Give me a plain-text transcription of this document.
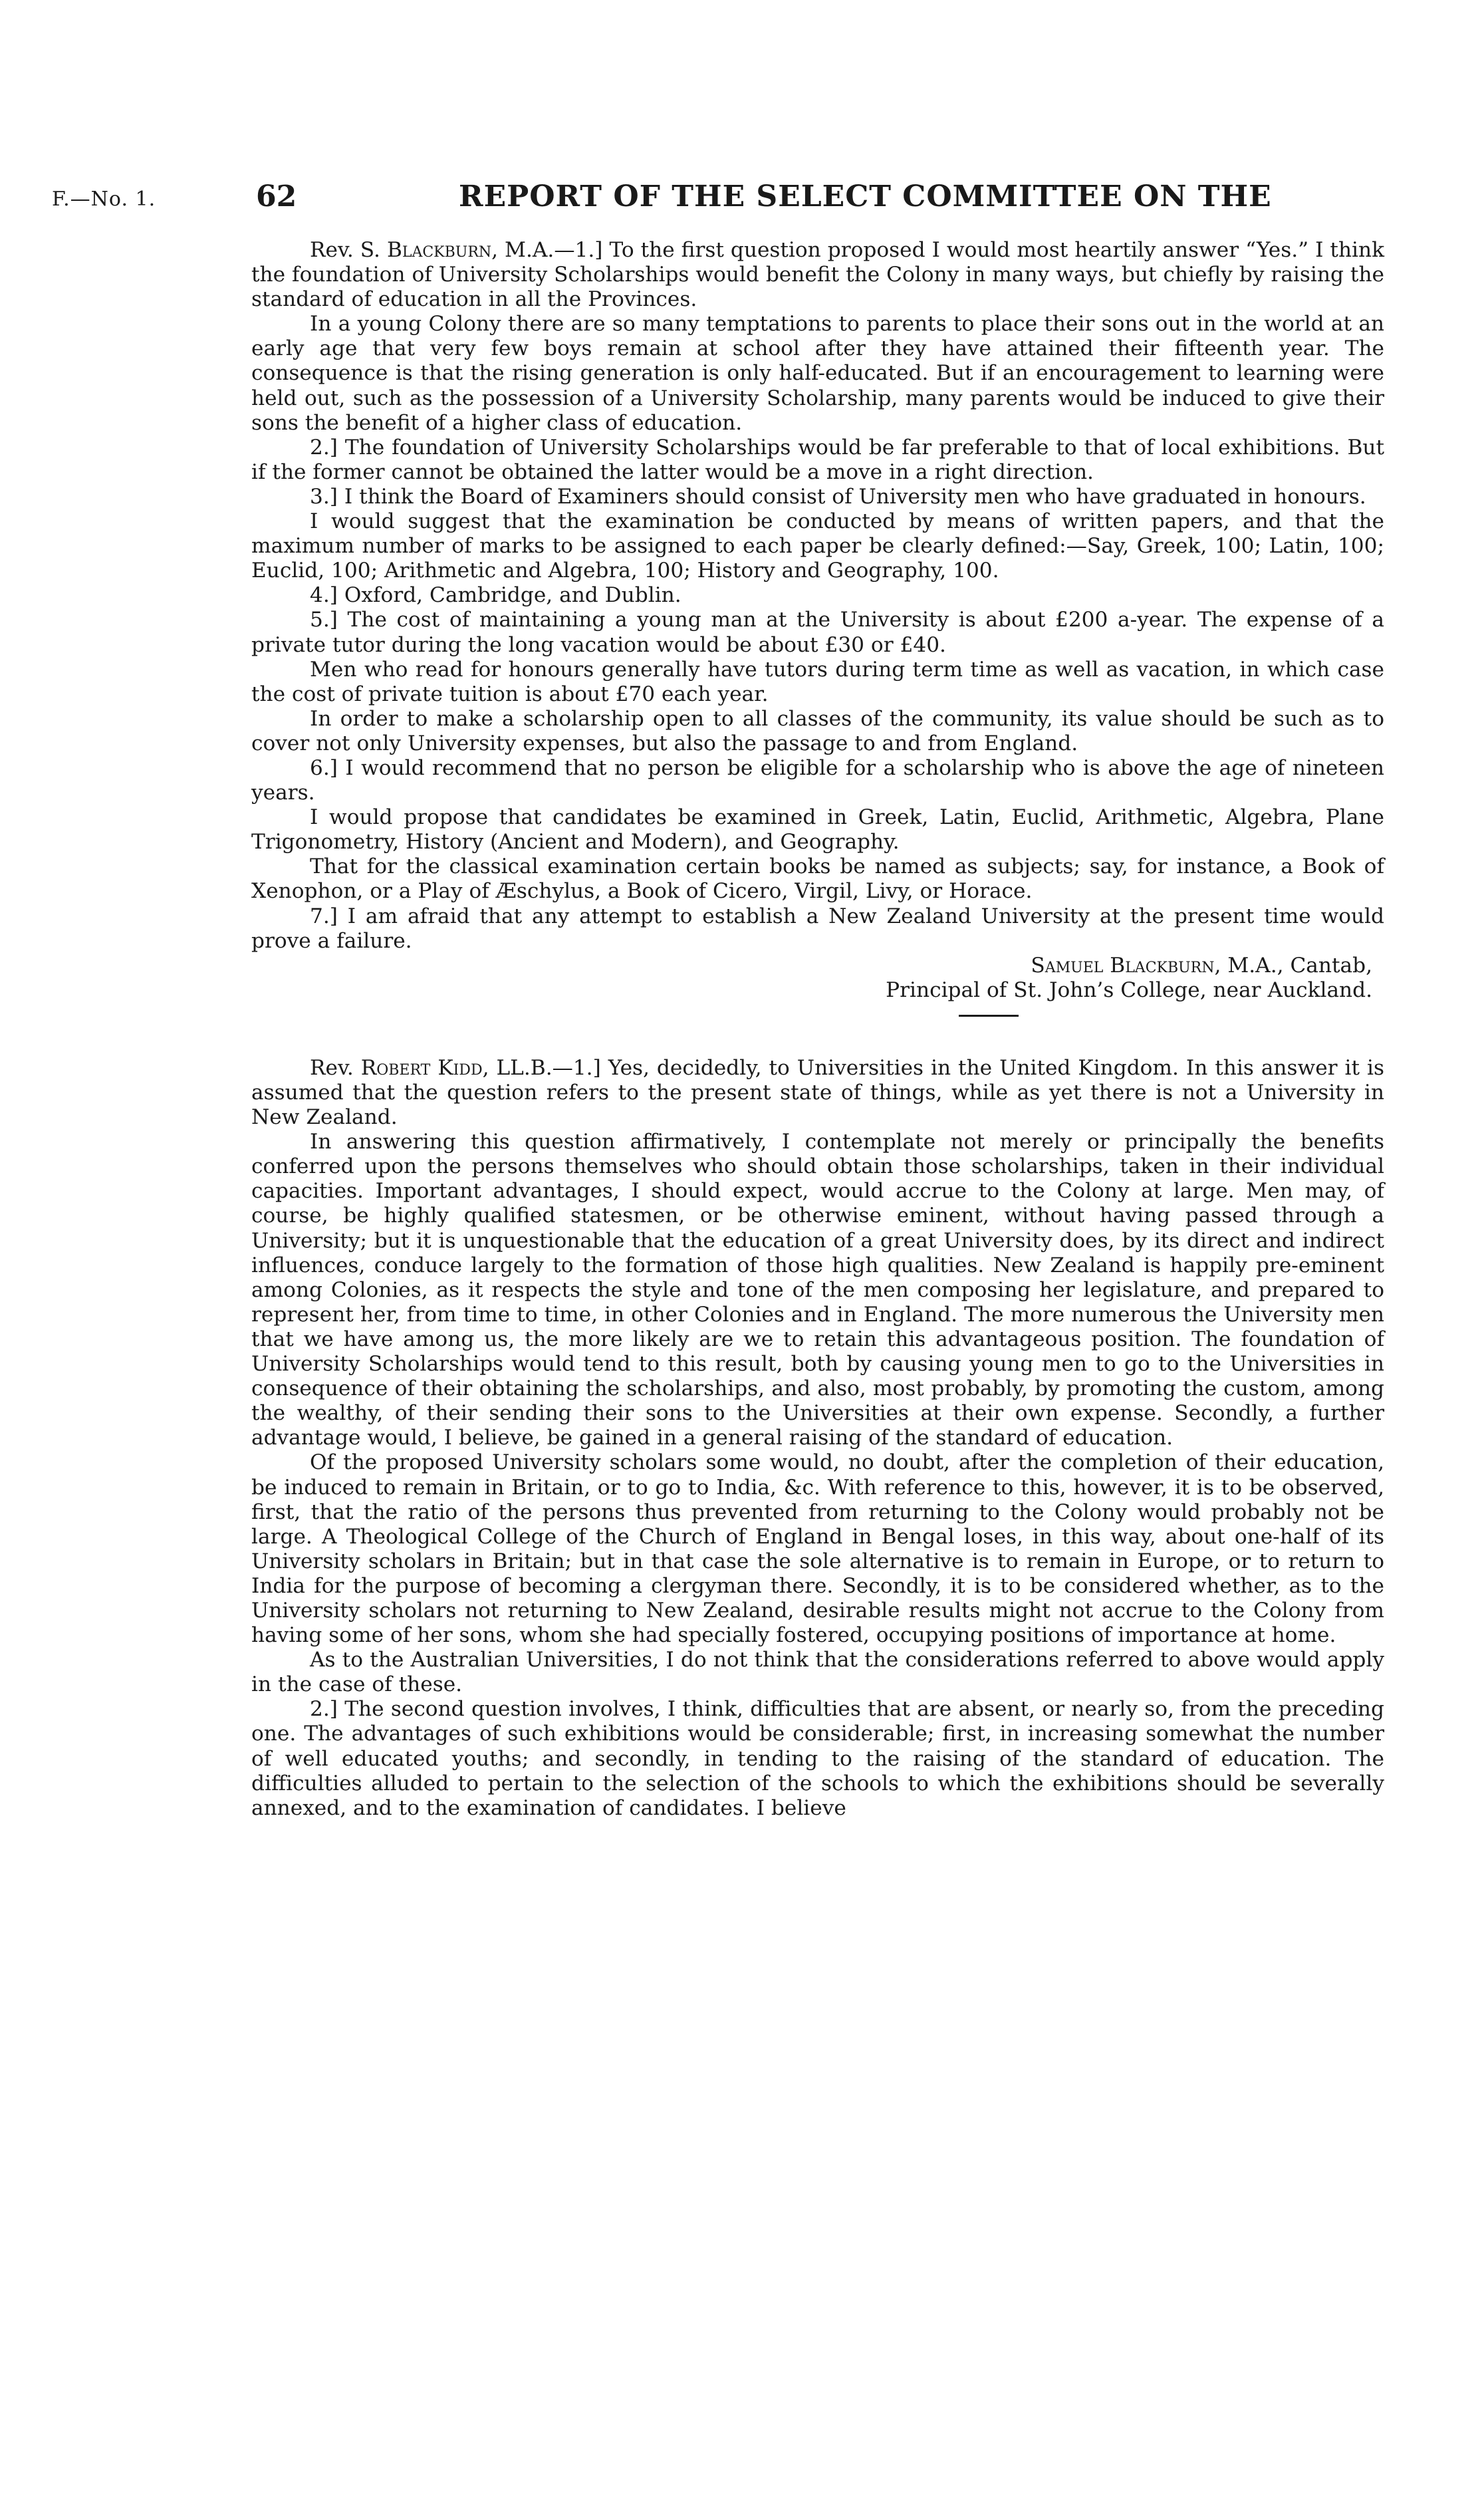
F.—No. 1.	62	REPORT OF THE SELECT COMMITTEE ON THE

Rev. S. Blackburn, M.A.—1.] To the first question proposed I would most heartily answer “Yes.” I think the foundation of University Scholarships would benefit the Colony in many ways, but chiefly by raising the standard of education in all the Provinces.

In a young Colony there are so many temptations to parents to place their sons out in the world at an early age that very few boys remain at school after they have attained their fifteenth year. The consequence is that the rising generation is only half-educated. But if an encouragement to learning were held out, such as the possession of a University Scholarship, many parents would be induced to give their sons the benefit of a higher class of education.

2.] The foundation of University Scholarships would be far preferable to that of local exhibitions. But if the former cannot be obtained the latter would be a move in a right direction.

3.] I think the Board of Examiners should consist of University men who have graduated in honours.

I would suggest that the examination be conducted by means of written papers, and that the maximum number of marks to be assigned to each paper be clearly defined:—Say, Greek, 100; Latin, 100; Euclid, 100; Arithmetic and Algebra, 100; History and Geography, 100.

4.] Oxford, Cambridge, and Dublin.

5.] The cost of maintaining a young man at the University is about £200 a-year. The expense of a private tutor during the long vacation would be about £30 or £40.

Men who read for honours generally have tutors during term time as well as vacation, in which case the cost of private tuition is about £70 each year.

In order to make a scholarship open to all classes of the community, its value should be such as to cover not only University expenses, but also the passage to and from England.

6.] I would recommend that no person be eligible for a scholarship who is above the age of nineteen years.

I would propose that candidates be examined in Greek, Latin, Euclid, Arithmetic, Algebra, Plane Trigonometry, History (Ancient and Modern), and Geography.

That for the classical examination certain books be named as subjects; say, for instance, a Book of Xenophon, or a Play of Æschylus, a Book of Cicero, Virgil, Livy, or Horace.

7.] I am afraid that any attempt to establish a New Zealand University at the present time would prove a failure.

Samuel Blackburn, M.A., Cantab,

Principal of St. John’s College, near Auckland.

Rev. Robert Kidd, LL.B.—1.] Yes, decidedly, to Universities in the United Kingdom. In this answer it is assumed that the question refers to the present state of things, while as yet there is not a University in New Zealand.

In answering this question affirmatively, I contemplate not merely or principally the benefits conferred upon the persons themselves who should obtain those scholarships, taken in their individual capacities. Important advantages, I should expect, would accrue to the Colony at large. Men may, of course, be highly qualified statesmen, or be otherwise eminent, without having passed through a University; but it is unquestionable that the education of a great University does, by its direct and indirect influences, conduce largely to the formation of those high qualities. New Zealand is happily pre-eminent among Colonies, as it respects the style and tone of the men composing her legislature, and prepared to represent her, from time to time, in other Colonies and in England. The more numerous the University men that we have among us, the more likely are we to retain this advantageous position. The foundation of University Scholarships would tend to this result, both by causing young men to go to the Universities in consequence of their obtaining the scholarships, and also, most probably, by promoting the custom, among the wealthy, of their sending their sons to the Universities at their own expense. Secondly, a further advantage would, I believe, be gained in a general raising of the standard of education.

Of the proposed University scholars some would, no doubt, after the completion of their education, be induced to remain in Britain, or to go to India, &c. With reference to this, however, it is to be observed, first, that the ratio of the persons thus prevented from returning to the Colony would probably not be large. A Theological College of the Church of England in Bengal loses, in this way, about one-half of its University scholars in Britain; but in that case the sole alternative is to remain in Europe, or to return to India for the purpose of becoming a clergyman there. Secondly, it is to be considered whether, as to the University scholars not returning to New Zealand, desirable results might not accrue to the Colony from having some of her sons, whom she had specially fostered, occupying positions of importance at home.

As to the Australian Universities, I do not think that the considerations referred to above would apply in the case of these.

2.] The second question involves, I think, difficulties that are absent, or nearly so, from the preceding one. The advantages of such exhibitions would be considerable; first, in increasing somewhat the number of well educated youths; and secondly, in tending to the raising of the standard of education. The difficulties alluded to pertain to the selection of the schools to which the exhibitions should be severally annexed, and to the examination of candidates. I believe
